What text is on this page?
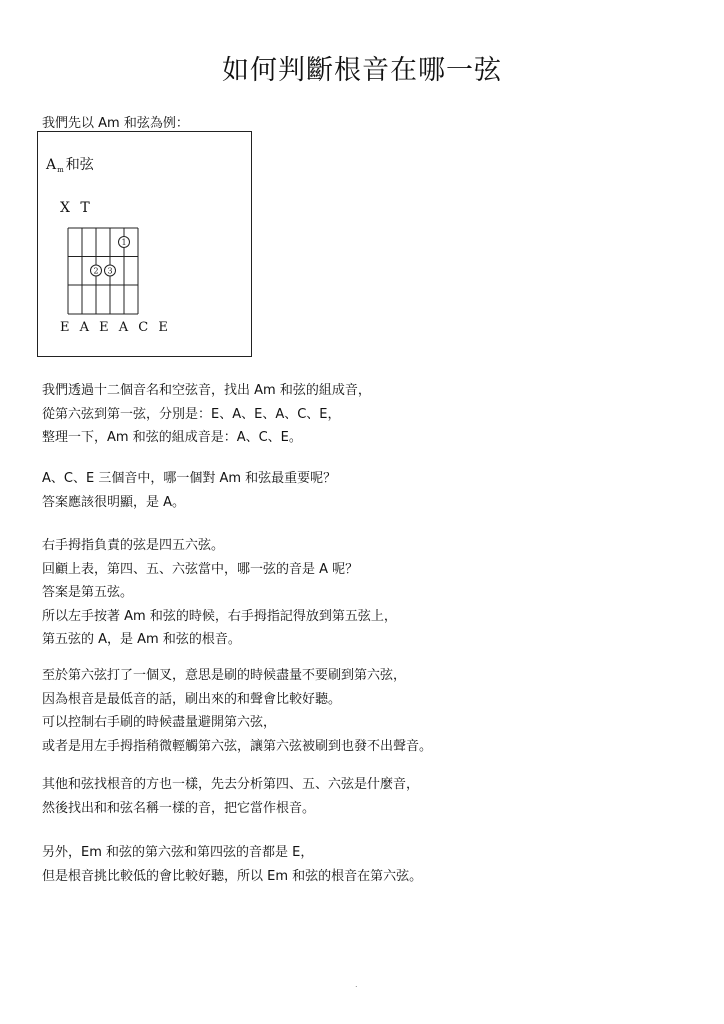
如何判斷根音在哪一弦
我們先以 Am 和弦為例：
$A_m$ 和弦
X T
1
2 3
E A E A C E
我們透過十二個音名和空弦音，找出 Am 和弦的組成音，
從第六弦到第一弦，分別是：E、A、E、A、C、E，
整理一下，Am 和弦的組成音是：A、C、E。
A、C、E 三個音中，哪一個對 Am 和弦最重要呢？
答案應該很明顯，是 A。
右手拇指負責的弦是四五六弦。
回顧上表，第四、五、六弦當中，哪一弦的音是 A 呢？
答案是第五弦。
所以左手按著 Am 和弦的時候，右手拇指記得放到第五弦上，
第五弦的 A，是 Am 和弦的根音。
至於第六弦打了一個叉，意思是刷的時候盡量不要刷到第六弦，
因為根音是最低音的話，刷出來的和聲會比較好聽。
可以控制右手刷的時候盡量避開第六弦，
或者是用左手拇指稍微輕觸第六弦，讓第六弦被刷到也發不出聲音。
其他和弦找根音的方也一樣，先去分析第四、五、六弦是什麼音，
然後找出和和弦名稱一樣的音，把它當作根音。
另外，Em 和弦的第六弦和第四弦的音都是 E，
但是根音挑比較低的會比較好聽，所以 Em 和弦的根音在第六弦。
.
